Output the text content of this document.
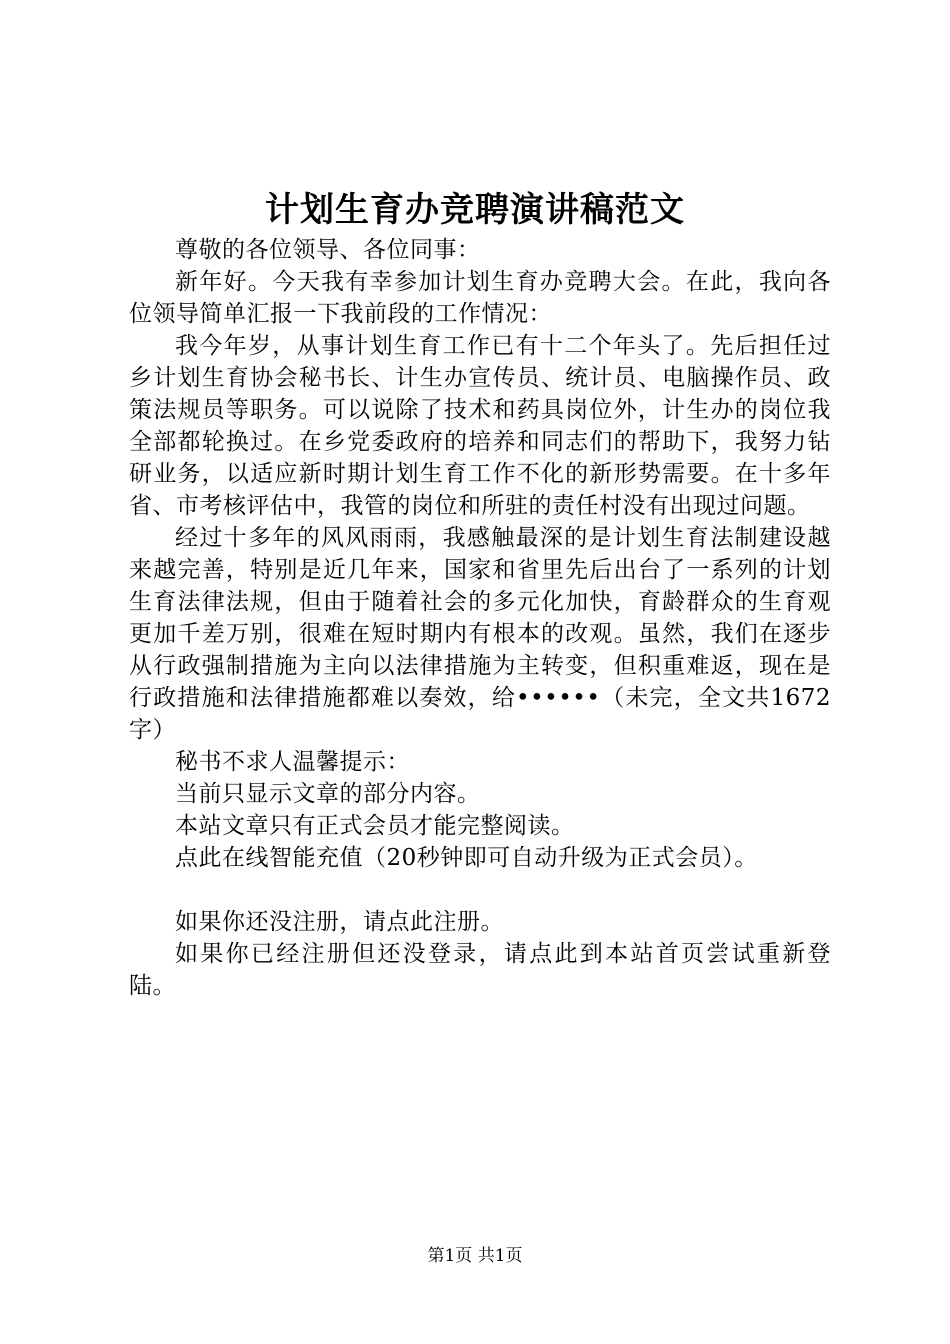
计划生育办竞聘演讲稿范文

尊敬的各位领导、各位同事：

新年好。今天我有幸参加计划生育办竞聘大会。在此，我向各位领导简单汇报一下我前段的工作情况：

我今年岁，从事计划生育工作已有十二个年头了。先后担任过乡计划生育协会秘书长、计生办宣传员、统计员、电脑操作员、政策法规员等职务。可以说除了技术和药具岗位外，计生办的岗位我全部都轮换过。在乡党委政府的培养和同志们的帮助下，我努力钻研业务，以适应新时期计划生育工作不化的新形势需要。在十多年省、市考核评估中，我管的岗位和所驻的责任村没有出现过问题。

经过十多年的风风雨雨，我感触最深的是计划生育法制建设越来越完善，特别是近几年来，国家和省里先后出台了一系列的计划生育法律法规，但由于随着社会的多元化加快，育龄群众的生育观更加千差万别，很难在短时期内有根本的改观。虽然，我们在逐步从行政强制措施为主向以法律措施为主转变，但积重难返，现在是行政措施和法律措施都难以奏效，给••••••（未完，全文共1672字）

秘书不求人温馨提示：

当前只显示文章的部分内容。

本站文章只有正式会员才能完整阅读。

点此在线智能充值（20秒钟即可自动升级为正式会员）。

如果你还没注册，请点此注册。

如果你已经注册但还没登录，请点此到本站首页尝试重新登陆。

第1页 共1页
